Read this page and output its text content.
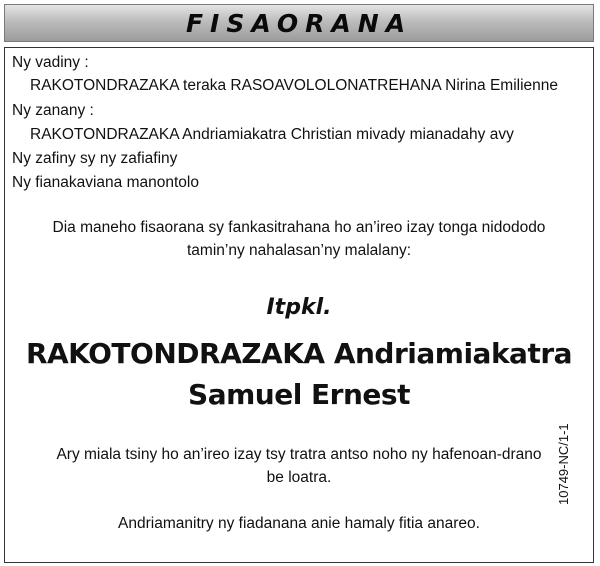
FISAORANA
Ny vadiny :
RAKOTONDRAZAKA teraka RASOAVOLOLONATREHANA Nirina Emilienne
Ny zanany :
RAKOTONDRAZAKA Andriamiakatra Christian mivady mianadahy avy
Ny zafiny sy ny zafiafiny
Ny fianakaviana manontolo
Dia maneho fisaorana sy fankasitrahana ho an’ireo izay tonga nidododo
tamin’ny nahalasan’ny malalany:
Itpkl.
RAKOTONDRAZAKA Andriamiakatra
Samuel Ernest
Ary miala tsiny ho an’ireo izay tsy tratra antso noho ny hafenoan-drano
be loatra.
Andriamanitry ny fiadanana anie hamaly fitia anareo.
10749-NC/1-1
